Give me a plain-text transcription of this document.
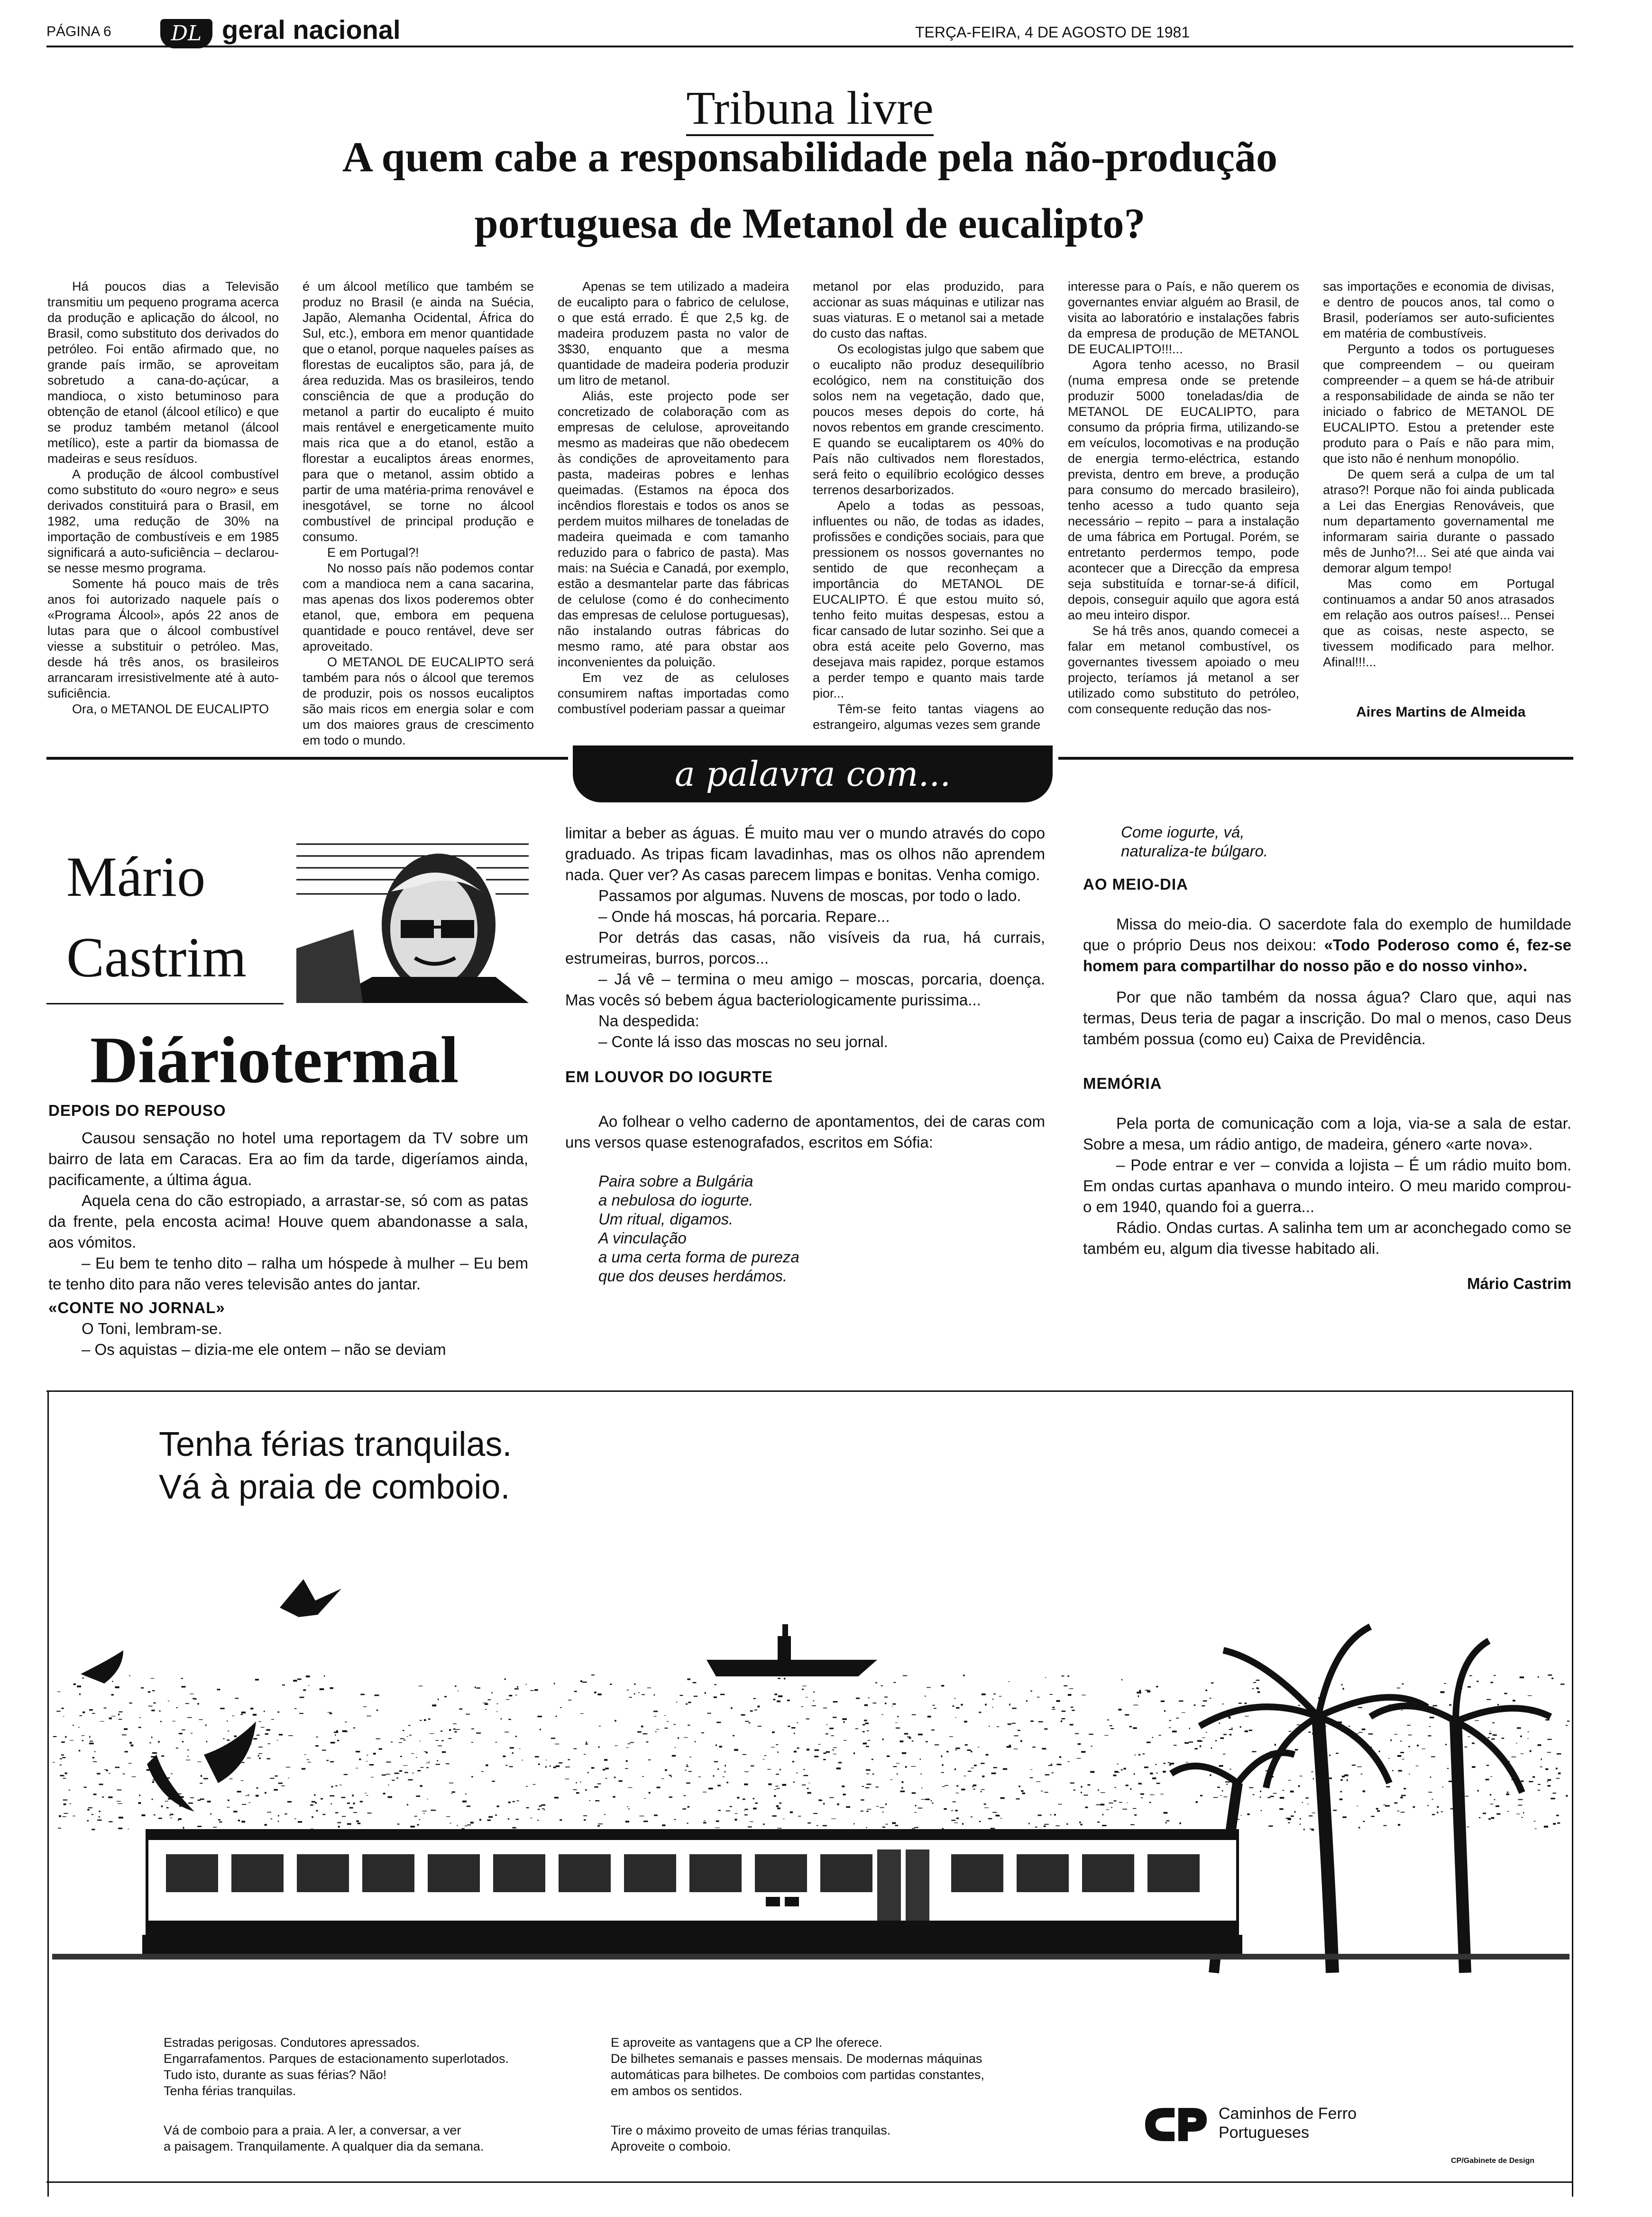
PÁGINA 6	DL geral nacional	TERÇA-FEIRA, 4 DE AGOSTO DE 1981
Tribuna livre
A quem cabe a responsabilidade pela não-produção
portuguesa de Metanol de eucalipto?

Há poucos dias a Televisão transmitiu um pequeno programa acerca da produção e aplicação do álcool, no Brasil, como substituto dos derivados do petróleo. Foi então afirmado que, no grande país irmão, se aproveitam sobretudo a cana-do-açúcar, a mandioca, o xisto betuminoso para obtenção de etanol (álcool etílico) e que se produz também metanol (álcool metílico), este a partir da biomassa de madeiras e seus resíduos.

A produção de álcool combustível como substituto do «ouro negro» e seus derivados constituirá para o Brasil, em 1982, uma redução de 30% na importação de combustíveis e em 1985 significará a auto-suficiência – declarou-se nesse mesmo programa.

Somente há pouco mais de três anos foi autorizado naquele país o «Programa Álcool», após 22 anos de lutas para que o álcool combustível viesse a substituir o petróleo. Mas, desde há três anos, os brasileiros arrancaram irresistivelmente até à auto-suficiência.

Ora, o METANOL DE EUCALIPTO

é um álcool metílico que também se produz no Brasil (e ainda na Suécia, Japão, Alemanha Ocidental, África do Sul, etc.), embora em menor quantidade que o etanol, porque naqueles países as florestas de eucaliptos são, para já, de área reduzida. Mas os brasileiros, tendo consciência de que a produção do metanol a partir do eucalipto é muito mais rentável e energeticamente muito mais rica que a do etanol, estão a florestar a eucaliptos áreas enormes, para que o metanol, assim obtido a partir de uma matéria-prima renovável e inesgotável, se torne no álcool combustível de principal produção e consumo.

E em Portugal?!

No nosso país não podemos contar com a mandioca nem a cana sacarina, mas apenas dos lixos poderemos obter etanol, que, embora em pequena quantidade e pouco rentável, deve ser aproveitado.

O METANOL DE EUCALIPTO será também para nós o álcool que teremos de produzir, pois os nossos eucaliptos são mais ricos em energia solar e com um dos maiores graus de crescimento em todo o mundo.

Apenas se tem utilizado a madeira de eucalipto para o fabrico de celulose, o que está errado. É que 2,5 kg. de madeira produzem pasta no valor de 3$30, enquanto que a mesma quantidade de madeira poderia produzir um litro de metanol.

Aliás, este projecto pode ser concretizado de colaboração com as empresas de celulose, aproveitando mesmo as madeiras que não obedecem às condições de aproveitamento para pasta, madeiras pobres e lenhas queimadas. (Estamos na época dos incêndios florestais e todos os anos se perdem muitos milhares de toneladas de madeira queimada e com tamanho reduzido para o fabrico de pasta). Mas mais: na Suécia e Canadá, por exemplo, estão a desmantelar parte das fábricas de celulose (como é do conhecimento das empresas de celulose portuguesas), não instalando outras fábricas do mesmo ramo, até para obstar aos inconvenientes da poluição.

Em vez de as celuloses consumirem naftas importadas como combustível poderiam passar a queimar

metanol por elas produzido, para accionar as suas máquinas e utilizar nas suas viaturas. E o metanol sai a metade do custo das naftas.

Os ecologistas julgo que sabem que o eucalipto não produz desequilíbrio ecológico, nem na constituição dos solos nem na vegetação, dado que, poucos meses depois do corte, há novos rebentos em grande crescimento. E quando se eucaliptarem os 40% do País não cultivados nem florestados, será feito o equilíbrio ecológico desses terrenos desarborizados.

Apelo a todas as pessoas, influentes ou não, de todas as idades, profissões e condições sociais, para que pressionem os nossos governantes no sentido de que reconheçam a importância do METANOL DE EUCALIPTO. É que estou muito só, tenho feito muitas despesas, estou a ficar cansado de lutar sozinho. Sei que a obra está aceite pelo Governo, mas desejava mais rapidez, porque estamos a perder tempo e quanto mais tarde pior...

Têm-se feito tantas viagens ao estrangeiro, algumas vezes sem grande

interesse para o País, e não querem os governantes enviar alguém ao Brasil, de visita ao laboratório e instalações fabris da empresa de produção de METANOL DE EUCALIPTO!!!...

Agora tenho acesso, no Brasil (numa empresa onde se pretende produzir 5000 toneladas/dia de METANOL DE EUCALIPTO, para consumo da própria firma, utilizando-se em veículos, locomotivas e na produção de energia termo-eléctrica, estando prevista, dentro em breve, a produção para consumo do mercado brasileiro), tenho acesso a tudo quanto seja necessário – repito – para a instalação de uma fábrica em Portugal. Porém, se entretanto perdermos tempo, pode acontecer que a Direcção da empresa seja substituída e tornar-se-á difícil, depois, conseguir aquilo que agora está ao meu inteiro dispor.

Se há três anos, quando comecei a falar em metanol combustível, os governantes tivessem apoiado o meu projecto, teríamos já metanol a ser utilizado como substituto do petróleo, com consequente redução das nos-

sas importações e economia de divisas, e dentro de poucos anos, tal como o Brasil, poderíamos ser auto-suficientes em matéria de combustíveis.

Pergunto a todos os portugueses que compreendem – ou queiram compreender – a quem se há-de atribuir a responsabilidade de ainda se não ter iniciado o fabrico de METANOL DE EUCALIPTO. Estou a pretender este produto para o País e não para mim, que isto não é nenhum monopólio.

De quem será a culpa de um tal atraso?! Porque não foi ainda publicada a Lei das Energias Renováveis, que num departamento governamental me informaram sairia durante o passado mês de Junho?!... Sei até que ainda vai demorar algum tempo!

Mas como em Portugal continuamos a andar 50 anos atrasados em relação aos outros países!... Pensei que as coisas, neste aspecto, se tivessem modificado para melhor. Afinal!!!...

Aires Martins de Almeida
a palavra com...
Mário
Castrim
Diáriotermal
DEPOIS DO REPOUSO

Causou sensação no hotel uma reportagem da TV sobre um bairro de lata em Caracas. Era ao fim da tarde, digeríamos ainda, pacificamente, a última água.

Aquela cena do cão estropiado, a arrastar-se, só com as patas da frente, pela encosta acima! Houve quem abandonasse a sala, aos vómitos.

– Eu bem te tenho dito – ralha um hóspede à mulher – Eu bem te tenho dito para não veres televisão antes do jantar.

«CONTE NO JORNAL»

O Toni, lembram-se.

– Os aquistas – dizia-me ele ontem – não se deviam

limitar a beber as águas. É muito mau ver o mundo através do copo graduado. As tripas ficam lavadinhas, mas os olhos não aprendem nada. Quer ver? As casas parecem limpas e bonitas. Venha comigo.

Passamos por algumas. Nuvens de moscas, por todo o lado.

– Onde há moscas, há porcaria. Repare...

Por detrás das casas, não visíveis da rua, há currais, estrumeiras, burros, porcos...

– Já vê – termina o meu amigo – moscas, porcaria, doença. Mas vocês só bebem água bacteriologicamente purissima...

Na despedida:

– Conte lá isso das moscas no seu jornal.

EM LOUVOR DO IOGURTE

Ao folhear o velho caderno de apontamentos, dei de caras com uns versos quase estenografados, escritos em Sófia:

Paira sobre a Bulgária
a nebulosa do iogurte.
Um ritual, digamos.
A vinculação
a uma certa forma de pureza
que dos deuses herdámos.
Come iogurte, vá,
naturaliza-te búlgaro.
AO MEIO-DIA

Missa do meio-dia. O sacerdote fala do exemplo de humildade que o próprio Deus nos deixou: «Todo Poderoso como é, fez-se homem para compartilhar do nosso pão e do nosso vinho».

Por que não também da nossa água? Claro que, aqui nas termas, Deus teria de pagar a inscrição. Do mal o menos, caso Deus também possua (como eu) Caixa de Previdência.

MEMÓRIA

Pela porta de comunicação com a loja, via-se a sala de estar. Sobre a mesa, um rádio antigo, de madeira, género «arte nova».

– Pode entrar e ver – convida a lojista – É um rádio muito bom. Em ondas curtas apanhava o mundo inteiro. O meu marido comprou-o em 1940, quando foi a guerra...

Rádio. Ondas curtas. A salinha tem um ar aconchegado como se também eu, algum dia tivesse habitado ali.

Mário Castrim
Tenha férias tranquilas.
Vá à praia de comboio.
Estradas perigosas. Condutores apressados.
Engarrafamentos. Parques de estacionamento superlotados.
Tudo isto, durante as suas férias? Não!
Tenha férias tranquilas.
Vá de comboio para a praia. A ler, a conversar, a ver
a paisagem. Tranquilamente. A qualquer dia da semana.
E aproveite as vantagens que a CP lhe oferece.
De bilhetes semanais e passes mensais. De modernas máquinas
automáticas para bilhetes. De comboios com partidas constantes,
em ambos os sentidos.
Tire o máximo proveito de umas férias tranquilas.
Aproveite o comboio.
Caminhos de Ferro
Portugueses
CP/Gabinete de Design
